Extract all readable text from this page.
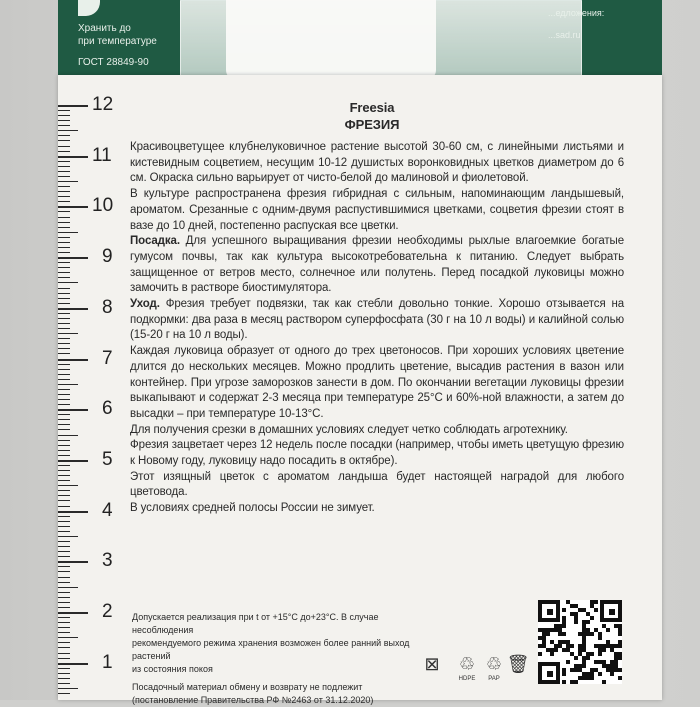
Хранить до
при температуре
ГОСТ 28849-90
...едложения:
...sad.ru
12
11
10
9
8
7
6
5
4
3
2
1
Freesia
ФРЕЗИЯ

Красивоцветущее клубнелуковичное растение высотой 30-60 см, с линейными листьями и кистевидным соцветием, несущим 10-12 душистых воронковидных цветков диаметром до 6 см. Окраска сильно варьирует от чисто-белой до малиновой и фиолетовой.

В культуре распространена фрезия гибридная с сильным, напоминающим ландышевый, ароматом. Срезанные с одним-двумя распустившимися цветками, соцветия фрезии стоят в вазе до 10 дней, постепенно распуская все цветки.

Посадка. Для успешного выращивания фрезии необходимы рыхлые влагоемкие богатые гумусом почвы, так как культура высокотребовательна к питанию. Следует выбрать защищенное от ветров место, солнечное или полутень. Перед посадкой луковицы можно замочить в растворе биостимулятора.

Уход. Фрезия требует подвязки, так как стебли довольно тонкие. Хорошо отзывается на подкормки: два раза в месяц раствором суперфосфата (30 г на 10 л воды) и калийной солью (15-20 г на 10 л воды).

Каждая луковица образует от одного до трех цветоносов. При хороших условиях цветение длится до нескольких месяцев. Можно продлить цветение, высадив растения в вазон или контейнер. При угрозе заморозков занести в дом. По окончании вегетации луковицы фрезии выкапывают и содержат 2-3 месяца при температуре 25°С и 60%-ной влажности, а затем до высадки – при температуре 10-13°С.

Для получения срезки в домашних условиях следует четко соблюдать агротехнику.

Фрезия зацветает через 12 недель после посадки (например, чтобы иметь цветущую фрезию к Новому году, луковицу надо посадить в октябре).

Этот изящный цветок с ароматом ландыша будет настоящей наградой для любого цветовода.

В условиях средней полосы России не зимует.

Допускается реализация при t от +15°С до+23°С. В случае несоблюдения
рекомендуемого режима хранения возможен более ранний выход растений
из состояния покоя
Посадочный материал обмену и возврату не подлежит
(постановление Правительства РФ №2463 от 31.12.2020)
⊠ ♲
HDPE
♲
PAP
🗑
